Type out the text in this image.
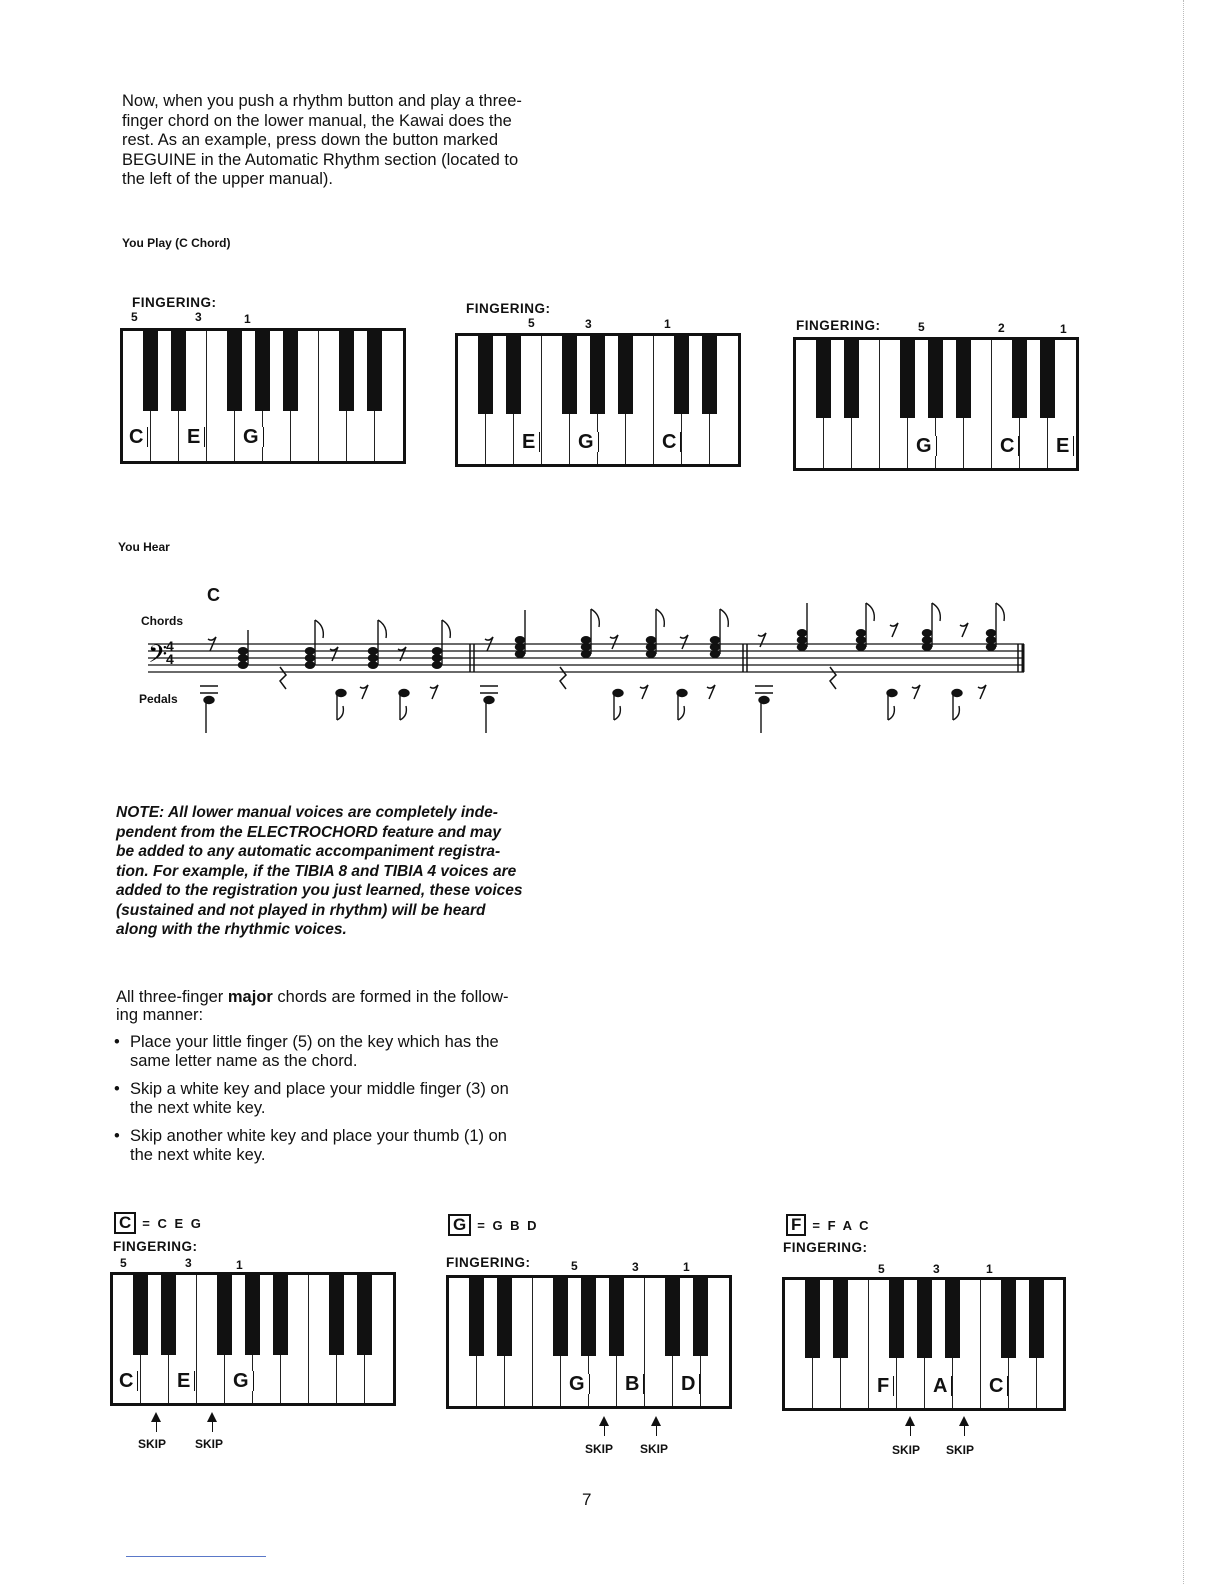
Now, when you push a rhythm button and play a three-
finger chord on the lower manual, the Kawai does the
rest. As an example, press down the button marked
BEGUINE in the Automatic Rhythm section (located to
the left of the upper manual).
You Play (C Chord)
FINGERING:
5	3	1
C E G
FINGERING:
5	3	1
E G	C
FINGERING:	5	2	1
G	C E
You Hear
C
Chords
Pedals
4
4
𝄢
NOTE: All lower manual voices are completely inde-
pendent from the ELECTROCHORD feature and may
be added to any automatic accompaniment registra-
tion. For example, if the TIBIA 8 and TIBIA 4 voices are
added to the registration you just learned, these voices
(sustained and not played in rhythm) will be heard
along with the rhythmic voices.
All three-finger major chords are formed in the follow-
ing manner:
• Place your little finger (5) on the key which has the
same letter name as the chord.
• Skip a white key and place your middle finger (3) on
the next white key.
• Skip another white key and place your thumb (1) on
the next white key.
C = C E G
FINGERING:
5	3	1
C E G
SKIP SKIP
G = G B D
FINGERING:	5	3	1
G B D
SKIP SKIP
F = F A C
FINGERING:
5	3	1
F A C
SKIP SKIP
7
